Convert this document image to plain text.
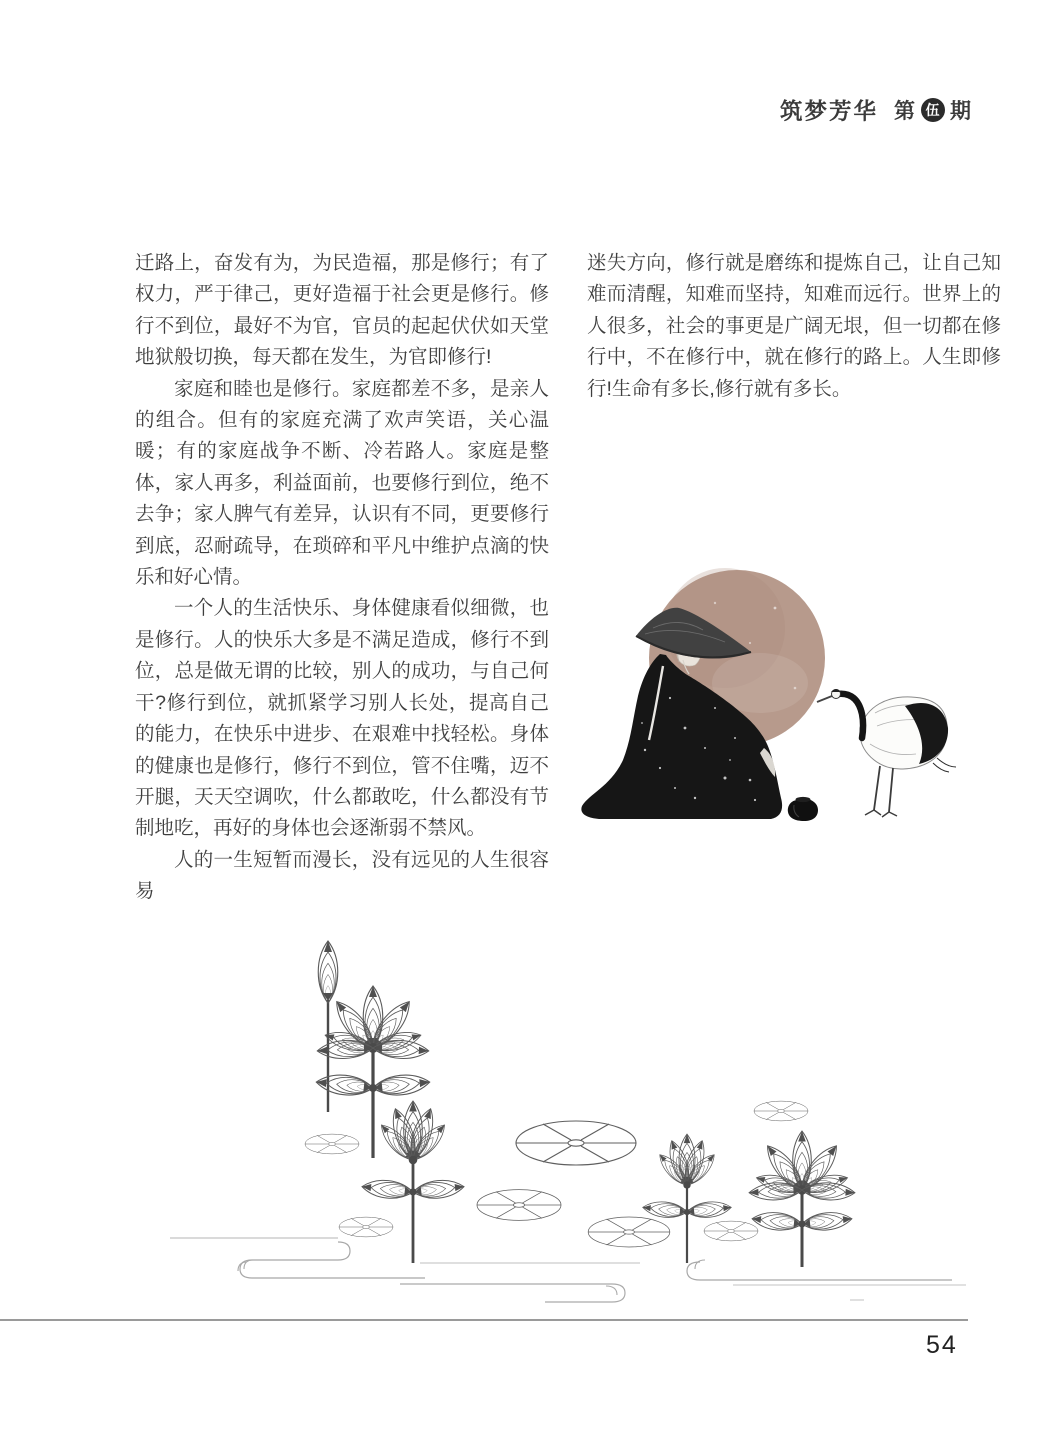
筑梦芳华 第 伍 期

迁路上，奋发有为，为民造福，那是修行；有了权力，严于律己，更好造福于社会更是修行。修行不到位，最好不为官，官员的起起伏伏如天堂地狱般切换，每天都在发生，为官即修行!

家庭和睦也是修行。家庭都差不多，是亲人的组合。但有的家庭充满了欢声笑语，关心温暖；有的家庭战争不断、冷若路人。家庭是整体，家人再多，利益面前，也要修行到位，绝不去争；家人脾气有差异，认识有不同，更要修行到底，忍耐疏导，在琐碎和平凡中维护点滴的快乐和好心情。

一个人的生活快乐、身体健康看似细微，也是修行。人的快乐大多是不满足造成，修行不到位，总是做无谓的比较，别人的成功，与自己何干?修行到位，就抓紧学习别人长处，提高自己的能力，在快乐中进步、在艰难中找轻松。身体的健康也是修行，修行不到位，管不住嘴，迈不开腿，天天空调吹，什么都敢吃，什么都没有节制地吃，再好的身体也会逐渐弱不禁风。

人的一生短暂而漫长，没有远见的人生很容易

迷失方向，修行就是磨练和提炼自己，让自己知难而清醒，知难而坚持，知难而远行。世界上的人很多，社会的事更是广阔无垠，但一切都在修行中，不在修行中，就在修行的路上。人生即修行!生命有多长,修行就有多长。

54
